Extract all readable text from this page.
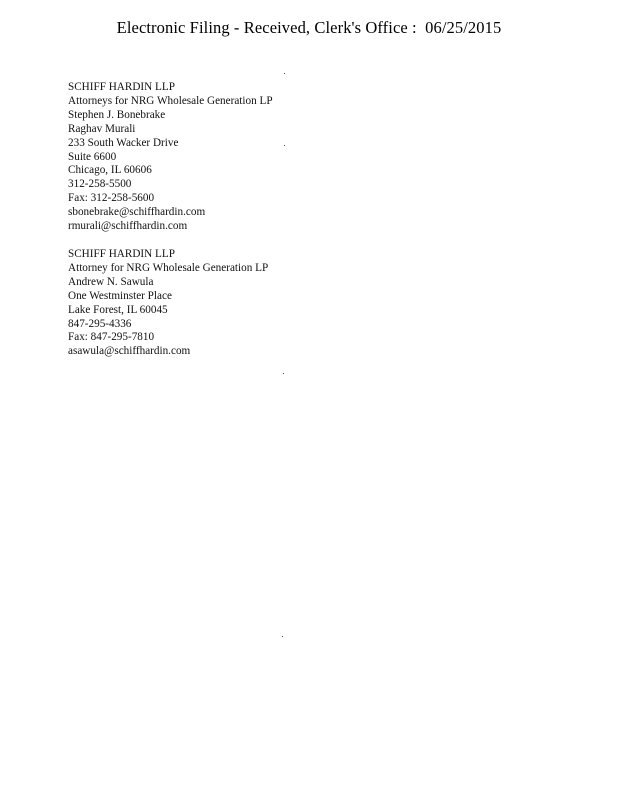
Electronic Filing - Received, Clerk's Office :  06/25/2015
SCHIFF HARDIN LLP
Attorneys for NRG Wholesale Generation LP
Stephen J. Bonebrake
Raghav Murali
233 South Wacker Drive
Suite 6600
Chicago, IL 60606
312-258-5500
Fax: 312-258-5600
sbonebrake@schiffhardin.com
rmurali@schiffhardin.com
SCHIFF HARDIN LLP
Attorney for NRG Wholesale Generation LP
Andrew N. Sawula
One Westminster Place
Lake Forest, IL 60045
847-295-4336
Fax: 847-295-7810
asawula@schiffhardin.com
